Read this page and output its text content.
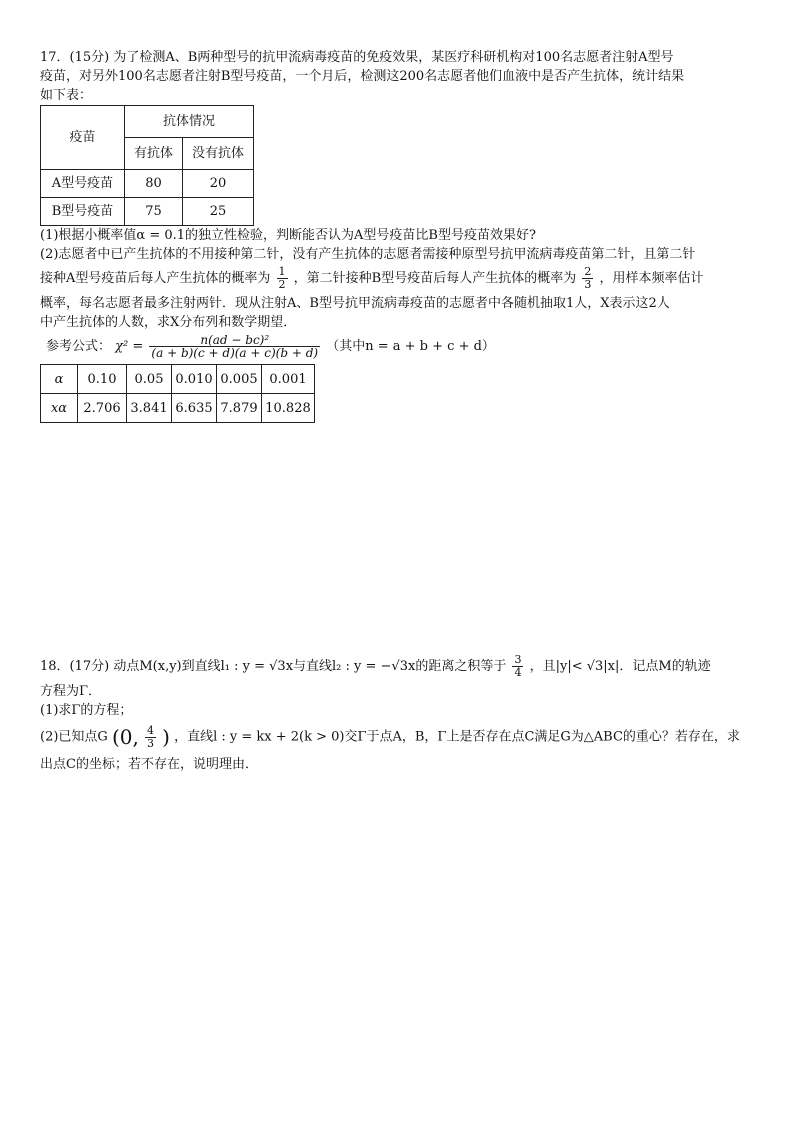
17．(15分) 为了检测A、B两种型号的抗甲流病毒疫苗的免疫效果，某医疗科研机构对100名志愿者注射A型号
疫苗，对另外100名志愿者注射B型号疫苗，一个月后，检测这200名志愿者他们血液中是否产生抗体，统计结果
如下表：
疫苗	抗体情况	
	有抗体	没有抗体
A型号疫苗	80	20
B型号疫苗	75	25
(1)根据小概率值α = 0.1的独立性检验，判断能否认为A型号疫苗比B型号疫苗效果好?
(2)志愿者中已产生抗体的不用接种第二针，没有产生抗体的志愿者需接种原型号抗甲流病毒疫苗第二针，且第二针
接种A型号疫苗后每人产生抗体的概率为 $\frac{1}{2}$ ，第二针接种B型号疫苗后每人产生抗体的概率为 $\frac{2}{3}$ ，用样本频率估计
概率，每名志愿者最多注射两针．现从注射A、B型号抗甲流病毒疫苗的志愿者中各随机抽取1人，X表示这2人
中产生抗体的人数，求X分布列和数学期望．
参考公式： $\chi^2 = \frac{\text{n(ad − bc)²}}{(a + b)(c + d)(a + c)(b + d)}$ （其中n = a + b + c + d）
α	0.10	0.05	0.010	0.005	0.001
xα	2.706	3.841	6.635	7.879	10.828
18．(17分) 动点M(x,y)到直线l₁ : y = √3x与直线l₂ : y = −√3x的距离之积等于 $\frac{3}{4}$ ，且|y|< √3|x|．记点M的轨迹
方程为Γ．
(1)求Γ的方程；
(2)已知点G (0, $\frac{4}{3}$ ) ，直线l : y = kx + 2(k > 0)交Γ于点A，B，Γ上是否存在点C满足G为△ABC的重心？若存在，求
出点C的坐标；若不存在，说明理由．
